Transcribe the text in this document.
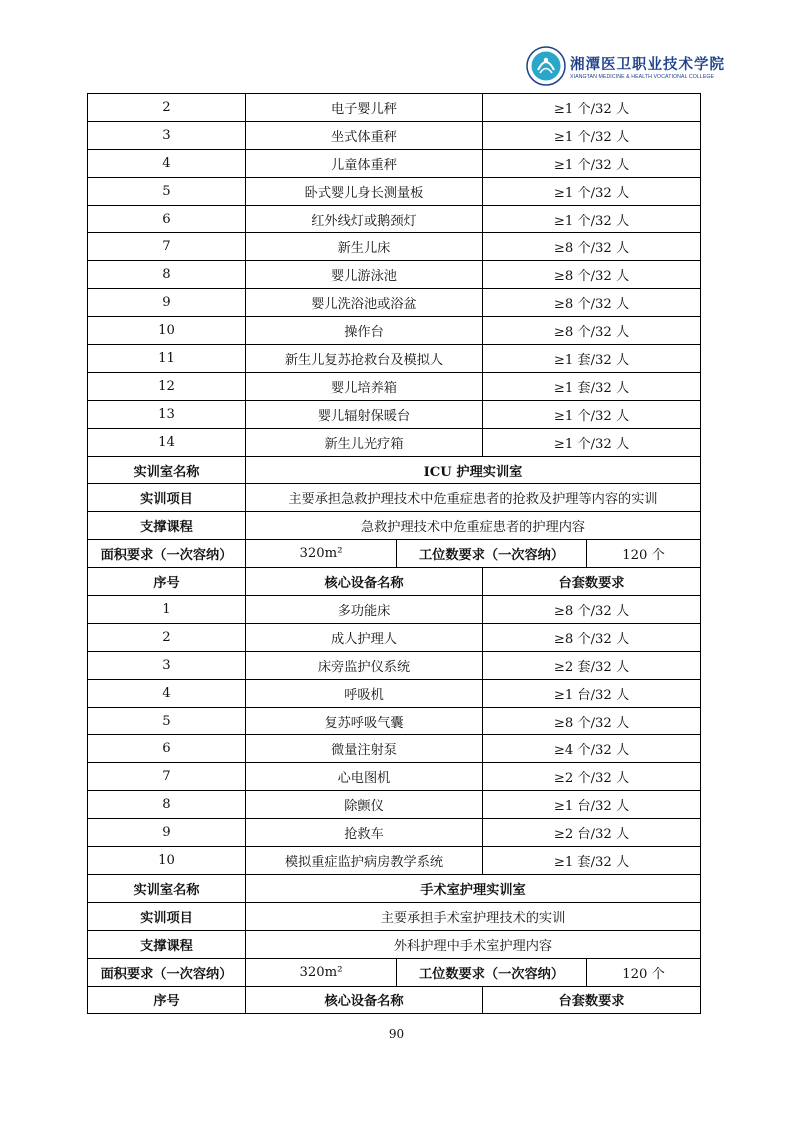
湘潭医卫职业技术学院
XIANGTAN MEDICINE & HEALTH VOCATIONAL COLLEGE
2	电子婴儿秤		≥1 个/32 人	
3	坐式体重秤		≥1 个/32 人	
4	儿童体重秤		≥1 个/32 人	
5	卧式婴儿身长测量板		≥1 个/32 人	
6	红外线灯或鹅颈灯		≥1 个/32 人	
7	新生儿床		≥8 个/32 人	
8	婴儿游泳池		≥8 个/32 人	
9	婴儿洗浴池或浴盆		≥8 个/32 人	
10	操作台		≥8 个/32 人	
11	新生儿复苏抢救台及模拟人		≥1 套/32 人	
12	婴儿培养箱		≥1 套/32 人	
13	婴儿辐射保暖台		≥1 个/32 人	
14	新生儿光疗箱		≥1 个/32 人	
实训室名称	ICU 护理实训室			
实训项目	主要承担急救护理技术中危重症患者的抢救及护理等内容的实训			
支撑课程	急救护理技术中危重症患者的护理内容			
面积要求（一次容纳）	320m²	工位数要求（一次容纳）		120 个
序号	核心设备名称		台套数要求	
1	多功能床		≥8 个/32 人	
2	成人护理人		≥8 个/32 人	
3	床旁监护仪系统		≥2 套/32 人	
4	呼吸机		≥1 台/32 人	
5	复苏呼吸气囊		≥8 个/32 人	
6	微量注射泵		≥4 个/32 人	
7	心电图机		≥2 个/32 人	
8	除颤仪		≥1 台/32 人	
9	抢救车		≥2 台/32 人	
10	模拟重症监护病房教学系统		≥1 套/32 人	
实训室名称	手术室护理实训室			
实训项目	主要承担手术室护理技术的实训			
支撑课程	外科护理中手术室护理内容			
面积要求（一次容纳）	320m²	工位数要求（一次容纳）		120 个
序号	核心设备名称		台套数要求	
90
